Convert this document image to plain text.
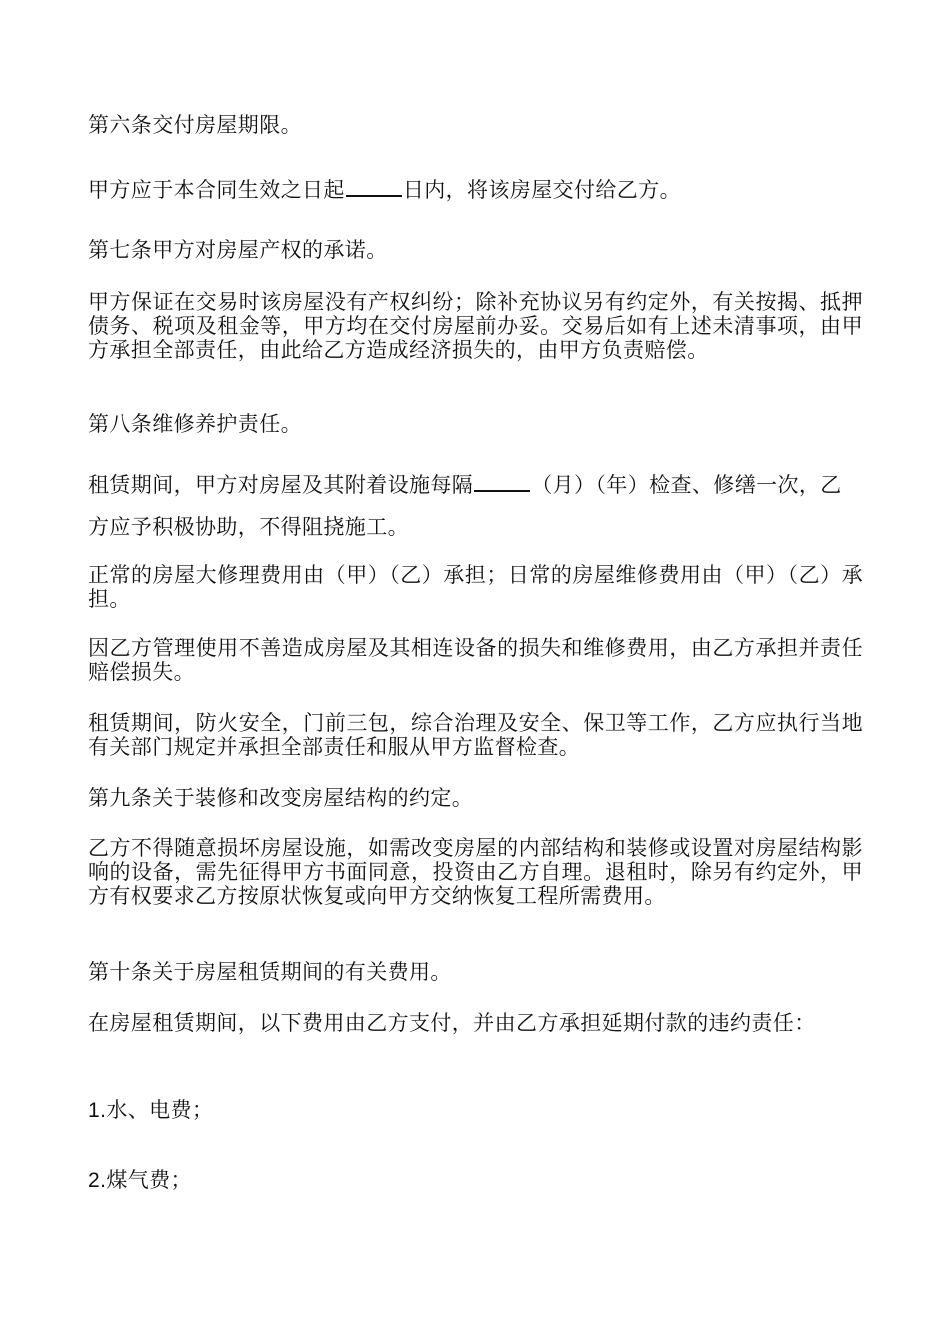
第六条交付房屋期限。

甲方应于本合同生效之日起	日内，将该房屋交付给乙方。

第七条甲方对房屋产权的承诺。

甲方保证在交易时该房屋没有产权纠纷；除补充协议另有约定外，有关按揭、抵押债务、税项及租金等，甲方均在交付房屋前办妥。交易后如有上述未清事项，由甲方承担全部责任，由此给乙方造成经济损失的，由甲方负责赔偿。

第八条维修养护责任。

租赁期间，甲方对房屋及其附着设施每隔	（月）（年）检查、修缮一次，乙方应予积极协助，不得阻挠施工。

正常的房屋大修理费用由（甲）（乙）承担；日常的房屋维修费用由（甲）（乙）承担。

因乙方管理使用不善造成房屋及其相连设备的损失和维修费用，由乙方承担并责任赔偿损失。

租赁期间，防火安全，门前三包，综合治理及安全、保卫等工作，乙方应执行当地有关部门规定并承担全部责任和服从甲方监督检查。

第九条关于装修和改变房屋结构的约定。

乙方不得随意损坏房屋设施，如需改变房屋的内部结构和装修或设置对房屋结构影响的设备，需先征得甲方书面同意，投资由乙方自理。退租时，除另有约定外，甲方有权要求乙方按原状恢复或向甲方交纳恢复工程所需费用。

第十条关于房屋租赁期间的有关费用。

在房屋租赁期间，以下费用由乙方支付，并由乙方承担延期付款的违约责任：

1.水、电费；

2.煤气费；
